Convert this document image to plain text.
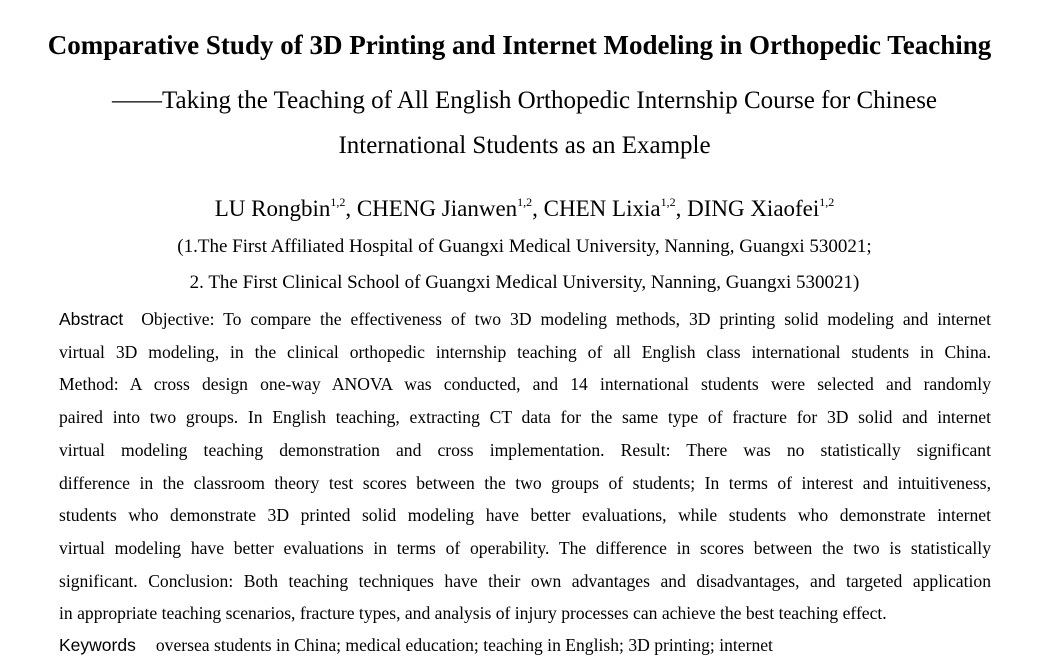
Comparative Study of 3D Printing and Internet Modeling in Orthopedic Teaching
——Taking the Teaching of All English Orthopedic Internship Course for Chinese
International Students as an Example
LU Rongbin$^{1,2}$, CHENG Jianwen$^{1,2}$, CHEN Lixia$^{1,2}$, DING Xiaofei$^{1,2}$
(1.The First Affiliated Hospital of Guangxi Medical University, Nanning, Guangxi 530021;
2. The First Clinical School of Guangxi Medical University, Nanning, Guangxi 530021)
Abstract Objective: To compare the effectiveness of two 3D modeling methods, 3D printing solid modeling and internet
virtual 3D modeling, in the clinical orthopedic internship teaching of all English class international students in China.
Method: A cross design one-way ANOVA was conducted, and 14 international students were selected and randomly
paired into two groups. In English teaching, extracting CT data for the same type of fracture for 3D solid and internet
virtual modeling teaching demonstration and cross implementation. Result: There was no statistically significant
difference in the classroom theory test scores between the two groups of students; In terms of interest and intuitiveness,
students who demonstrate 3D printed solid modeling have better evaluations, while students who demonstrate internet
virtual modeling have better evaluations in terms of operability. The difference in scores between the two is statistically
significant. Conclusion: Both teaching techniques have their own advantages and disadvantages, and targeted application
in appropriate teaching scenarios, fracture types, and analysis of injury processes can achieve the best teaching effect.
Keywords oversea students in China; medical education; teaching in English; 3D printing; internet
